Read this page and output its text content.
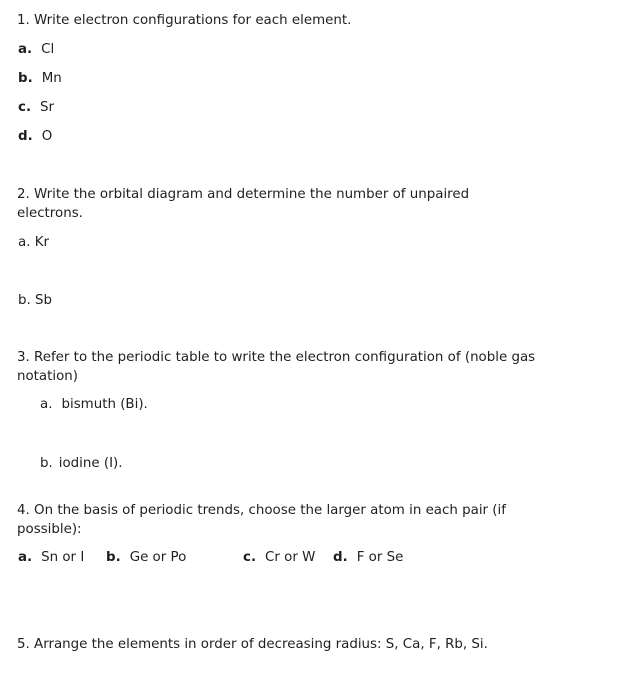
1. Write electron configurations for each element.
a. Cl
b. Mn
c. Sr
d. O
2. Write the orbital diagram and determine the number of unpaired
electrons.
a. Kr
b. Sb
3. Refer to the periodic table to write the electron configuration of (noble gas
notation)
a. bismuth (Bi).
b. iodine (I).
4. On the basis of periodic trends, choose the larger atom in each pair (if
possible):
a. Sn or I b. Ge or Po	c. Cr or W d. F or Se
5. Arrange the elements in order of decreasing radius: S, Ca, F, Rb, Si.
